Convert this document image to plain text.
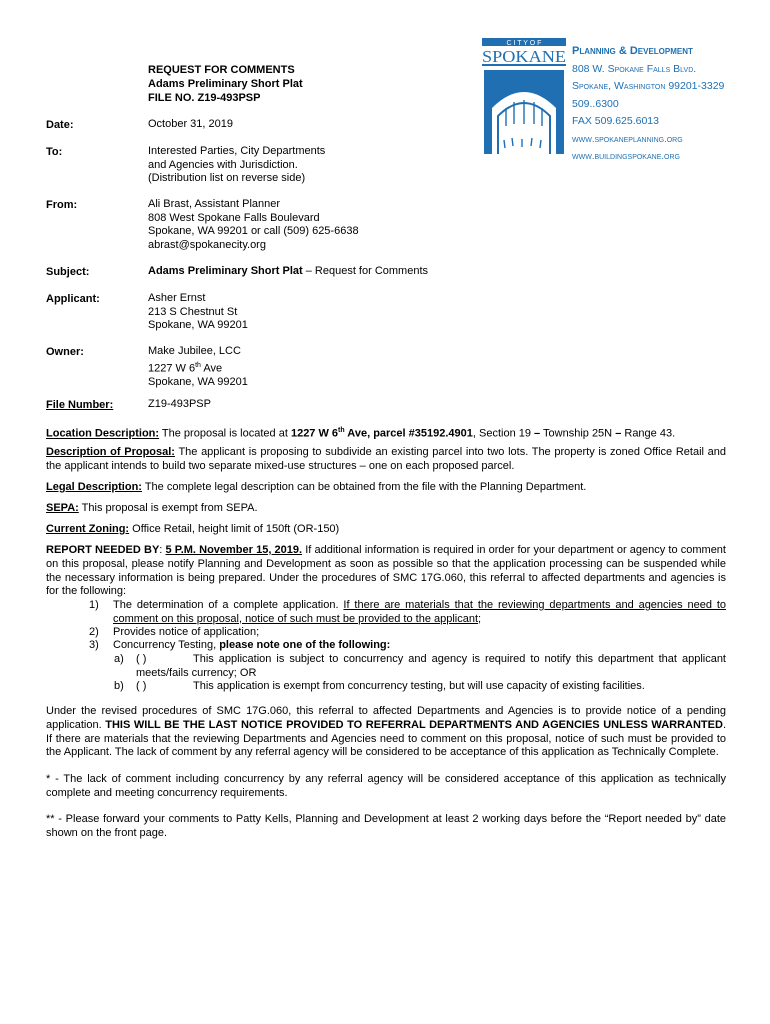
REQUEST FOR COMMENTS
Adams Preliminary Short Plat
FILE NO. Z19-493PSP
C I T Y O F
SPOKANE Planning & Development
808 W. Spokane Falls Blvd.
Spokane, Washington 99201-3329
509..6300
FAX 509.625.6013
www.spokaneplanning.org
www.buildingspokane.org
Date:	October 31, 2019
To:	Interested Parties, City Departments
and Agencies with Jurisdiction.
(Distribution list on reverse side)
From:	Ali Brast, Assistant Planner
808 West Spokane Falls Boulevard
Spokane, WA 99201 or call (509) 625-6638
abrast@spokanecity.org
Subject:	Adams Preliminary Short Plat – Request for Comments
Applicant:	Asher Ernst
213 S Chestnut St
Spokane, WA 99201
Owner:	Make Jubilee, LCC
1227 W 6th Ave
Spokane, WA 99201
File Number:	Z19-493PSP
Location Description: The proposal is located at 1227 W 6th Ave, parcel #35192.4901, Section 19 – Township 25N – Range 43.
Description of Proposal: The applicant is proposing to subdivide an existing parcel into two lots. The property is zoned Office Retail and the applicant intends to build two separate mixed-use structures – one on each proposed parcel.
Legal Description: The complete legal description can be obtained from the file with the Planning Department.
SEPA: This proposal is exempt from SEPA.
Current Zoning: Office Retail, height limit of 150ft (OR-150)
REPORT NEEDED BY: 5 P.M. November 15, 2019. If additional information is required in order for your department or agency to comment on this proposal, please notify Planning and Development as soon as possible so that the application processing can be suspended while the necessary information is being prepared. Under the procedures of SMC 17G.060, this referral to affected departments and agencies is for the following:
1) The determination of a complete application. If there are materials that the reviewing departments and agencies need to comment on this proposal, notice of such must be provided to the applicant;
2) Provides notice of application;
3) Concurrency Testing, please note one of the following:
a) ( )	This application is subject to concurrency and agency is required to notify this department that applicant meets/fails currency; OR
b) ( )	This application is exempt from concurrency testing, but will use capacity of existing facilities.
Under the revised procedures of SMC 17G.060, this referral to affected Departments and Agencies is to provide notice of a pending application. THIS WILL BE THE LAST NOTICE PROVIDED TO REFERRAL DEPARTMENTS AND AGENCIES UNLESS WARRANTED. If there are materials that the reviewing Departments and Agencies need to comment on this proposal, notice of such must be provided to the Applicant. The lack of comment by any referral agency will be considered to be acceptance of this application as Technically Complete.
* - The lack of comment including concurrency by any referral agency will be considered acceptance of this application as technically complete and meeting concurrency requirements.
** - Please forward your comments to Patty Kells, Planning and Development at least 2 working days before the “Report needed by” date shown on the front page.
